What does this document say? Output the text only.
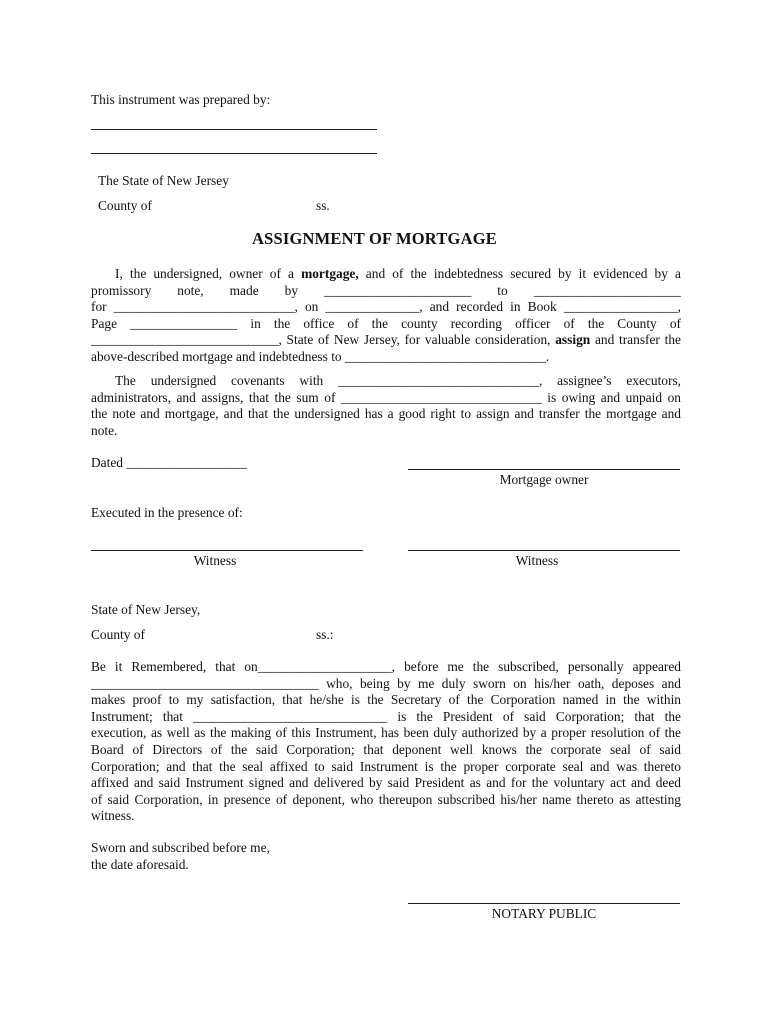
This instrument was prepared by:
The State of New Jersey
County of	ss.
ASSIGNMENT OF MORTGAGE
I, the undersigned, owner of a mortgage, and of the indebtedness secured by it evidenced by a
promissory note, made by ______________________ to ______________________
for ___________________________, on ______________, and recorded in Book _________________,
Page ________________ in the office of the county recording officer of the County of
____________________________, State of New Jersey, for valuable consideration, assign and transfer the
above-described mortgage and indebtedness to ______________________________.
The undersigned covenants with ______________________________, assignee’s executors,
administrators, and assigns, that the sum of ______________________________ is owing and unpaid on
the note and mortgage, and that the undersigned has a good right to assign and transfer the mortgage and
note.
Dated __________________
Mortgage owner
Executed in the presence of:
Witness	Witness
State of New Jersey,
County of	ss.:
Be it Remembered, that on____________________, before me the subscribed, personally appeared
__________________________________ who, being by me duly sworn on his/her oath, deposes and
makes proof to my satisfaction, that he/she is the Secretary of the Corporation named in the within
Instrument; that _____________________________ is the President of said Corporation; that the
execution, as well as the making of this Instrument, has been duly authorized by a proper resolution of the
Board of Directors of the said Corporation; that deponent well knows the corporate seal of said
Corporation; and that the seal affixed to said Instrument is the proper corporate seal and was thereto
affixed and said Instrument signed and delivered by said President as and for the voluntary act and deed
of said Corporation, in presence of deponent, who thereupon subscribed his/her name thereto as attesting
witness.
Sworn and subscribed before me,
the date aforesaid.
NOTARY PUBLIC
